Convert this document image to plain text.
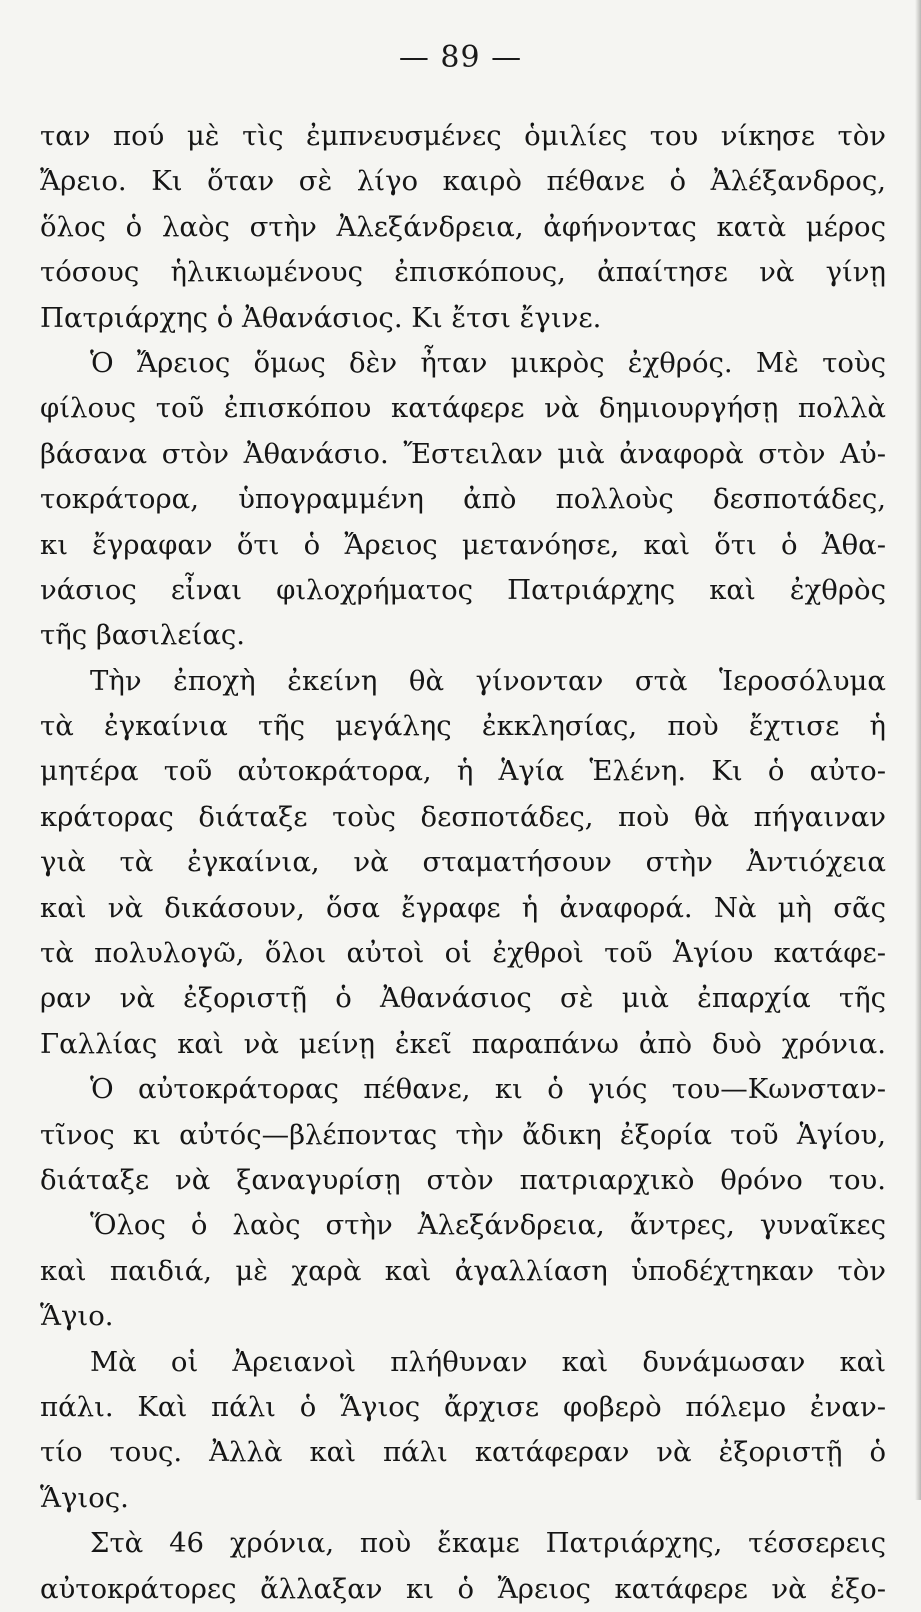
— 89 —
ταν πού μὲ τὶς ἐμπνευσμένες ὁμιλίες του νίκησε τὸν
Ἄρειο. Κι ὅταν σὲ λίγο καιρὸ πέθανε ὁ Ἀλέξανδρος,
ὅλος ὁ λαὸς στὴν Ἀλεξάνδρεια, ἀφήνοντας κατὰ μέρος
τόσους ἡλικιωμένους ἐπισκόπους, ἀπαίτησε νὰ γίνῃ
Πατριάρχης ὁ Ἀθανάσιος. Κι ἔτσι ἔγινε.
Ὁ Ἄρειος ὅμως δὲν ἦταν μικρὸς ἐχθρός. Μὲ τοὺς
φίλους τοῦ ἐπισκόπου κατάφερε νὰ δημιουργήσῃ πολλὰ
βάσανα στὸν Ἀθανάσιο. Ἔστειλαν μιὰ ἀναφορὰ στὸν Αὐ-
τοκράτορα, ὑπογραμμένη ἀπὸ πολλοὺς δεσποτάδες,
κι ἔγραφαν ὅτι ὁ Ἄρειος μετανόησε, καὶ ὅτι ὁ Ἀθα-
νάσιος εἶναι φιλοχρήματος Πατριάρχης καὶ ἐχθρὸς
τῆς βασιλείας.
Τὴν ἐποχὴ ἐκείνη θὰ γίνονταν στὰ Ἱεροσόλυμα
τὰ ἐγκαίνια τῆς μεγάλης ἐκκλησίας, ποὺ ἔχτισε ἡ
μητέρα τοῦ αὐτοκράτορα, ἡ Ἁγία Ἑλένη. Κι ὁ αὐτο-
κράτορας διάταξε τοὺς δεσποτάδες, ποὺ θὰ πήγαιναν
γιὰ τὰ ἐγκαίνια, νὰ σταματήσουν στὴν Ἀντιόχεια
καὶ νὰ δικάσουν, ὅσα ἔγραφε ἡ ἀναφορά. Νὰ μὴ σᾶς
τὰ πολυλογῶ, ὅλοι αὐτοὶ οἱ ἐχθροὶ τοῦ Ἁγίου κατάφε-
ραν νὰ ἐξοριστῇ ὁ Ἀθανάσιος σὲ μιὰ ἐπαρχία τῆς
Γαλλίας καὶ νὰ μείνῃ ἐκεῖ παραπάνω ἀπὸ δυὸ χρόνια.
Ὁ αὐτοκράτορας πέθανε, κι ὁ γιός του—Κωνσταν-
τῖνος κι αὐτός—βλέποντας τὴν ἄδικη ἐξορία τοῦ Ἁγίου,
διάταξε νὰ ξαναγυρίσῃ στὸν πατριαρχικὸ θρόνο του.
Ὅλος ὁ λαὸς στὴν Ἀλεξάνδρεια, ἄντρες, γυναῖκες
καὶ παιδιά, μὲ χαρὰ καὶ ἀγαλλίαση ὑποδέχτηκαν τὸν
Ἅγιο.
Μὰ οἱ Ἀρειανοὶ πλήθυναν καὶ δυνάμωσαν καὶ
πάλι. Καὶ πάλι ὁ Ἅγιος ἄρχισε φοβερὸ πόλεμο ἐναν-
τίο τους. Ἀλλὰ καὶ πάλι κατάφεραν νὰ ἐξοριστῇ ὁ
Ἅγιος.
Στὰ 46 χρόνια, ποὺ ἔκαμε Πατριάρχης, τέσσερεις
αὐτοκράτορες ἄλλαξαν κι ὁ Ἄρειος κατάφερε νὰ ἐξο-
